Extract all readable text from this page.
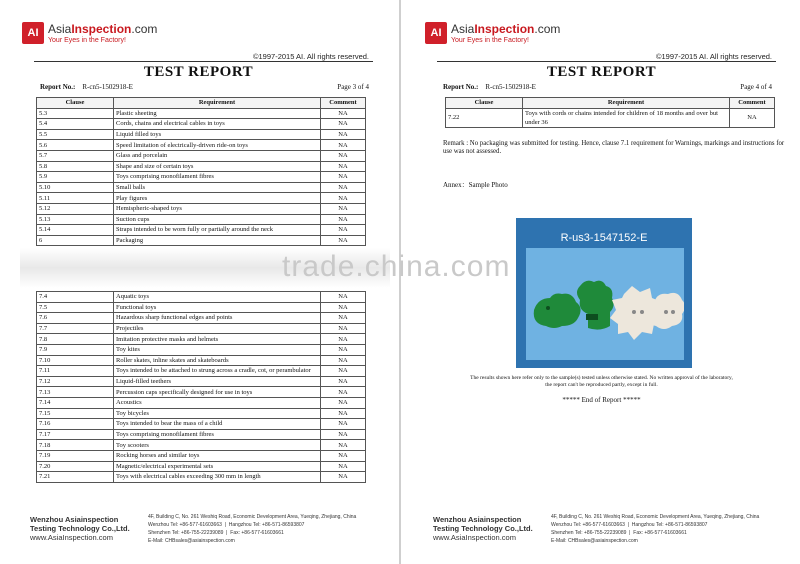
AI AsiaInspection.com
Your Eyes in the Factory!
©1997-2015 AI. All rights reserved.
TEST REPORT
Report No.: R-cn5-1502918-E	Page 3 of 4
Clause	Requirement	Comment
5.3	Plastic sheeting	NA
5.4	Cords, chains and electrical cables in toys	NA
5.5	Liquid filled toys	NA
5.6	Speed limitation of electrically-driven ride-on toys	NA
5.7	Glass and porcelain	NA
5.8	Shape and size of certain toys	NA
5.9	Toys comprising monofilament fibres	NA
5.10	Small balls	NA
5.11	Play figures	NA
5.12	Hemispheric-shaped toys	NA
5.13	Suction cups	NA
5.14	Straps intended to be worn fully or partially around the neck	NA
6	Packaging	NA
7.4	Aquatic toys	NA
7.5	Functional toys	NA
7.6	Hazardous sharp functional edges and points	NA
7.7	Projectiles	NA
7.8	Imitation protective masks and helmets	NA
7.9	Toy kites	NA
7.10	Roller skates, inline skates and skateboards	NA
7.11	Toys intended to be attached to strung across a cradle, cot, or perambulator	NA
7.12	Liquid-filled teethers	NA
7.13	Percussion caps specifically designed for use in toys	NA
7.14	Acoustics	NA
7.15	Toy bicycles	NA
7.16	Toys intended to bear the mass of a child	NA
7.17	Toys comprising monofilament fibres	NA
7.18	Toy scooters	NA
7.19	Rocking horses and similar toys	NA
7.20	Magnetic/electrical experimental sets	NA
7.21	Toys with electrical cables exceeding 300 mm in length	NA
Wenzhou Asiainspection
Testing Technology Co.,Ltd.
www.AsiaInspection.com
4F, Building C, No. 261 Weshiq Road, Economic Development Area, Yueqing, Zhejiang, China
Wenzhou Tel: +86-577-61603663 | Hangzhou Tel: +86-571-86593807
Shenzhen Tel: +86-755-22239089 | Fax: +86-577-61603661
E-Mail: CHBsales@asiainspection.com
AI AsiaInspection.com
Your Eyes in the Factory!
©1997-2015 AI. All rights reserved.
TEST REPORT
Report No.: R-cn5-1502918-E	Page 4 of 4
Clause	Requirement	Comment
7.22	Toys with cords or chains intended for children of 18 months and over but under 36	NA
Remark : No packaging was submitted for testing. Hence, clause 7.1 requirement for Warnings, markings and instructions for use was not assessed.
Annex：Sample Photo
R-us3-1547152-E
The results shown here refer only to the sample(s) tested unless otherwise stated. No written approval of the laboratory,
the report can't be reproduced partly, except in full.
***** End of Report *****
Wenzhou Asiainspection
Testing Technology Co.,Ltd.
www.AsiaInspection.com
4F, Building C, No. 261 Weshiq Road, Economic Development Area, Yueqing, Zhejiang, China
Wenzhou Tel: +86-577-61603663 | Hangzhou Tel: +86-571-86593807
Shenzhen Tel: +86-755-22239089 | Fax: +86-577-61603661
E-Mail: CHBsales@asiainspection.com
trade.china.com
